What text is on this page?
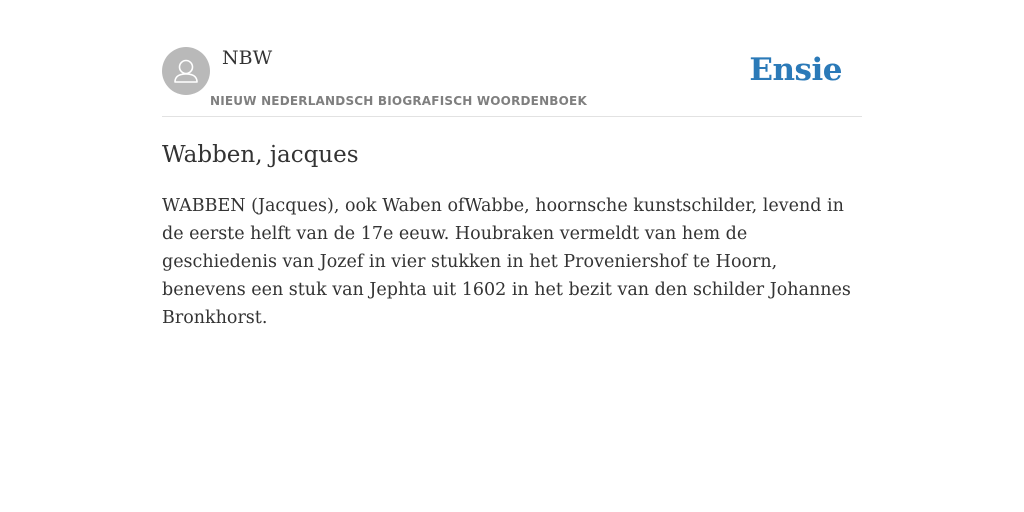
NBW
NIEUW NEDERLANDSCH BIOGRAFISCH WOORDENBOEK
Ensie
Wabben, jacques

WABBEN (Jacques), ook Waben ofWabbe, hoornsche kunstschilder, levend in de eerste helft van de 17e eeuw. Houbraken vermeldt van hem de geschiedenis van Jozef in vier stukken in het Proveniershof te Hoorn, benevens een stuk van Jephta uit 1602 in het bezit van den schilder Johannes Bronkhorst.
